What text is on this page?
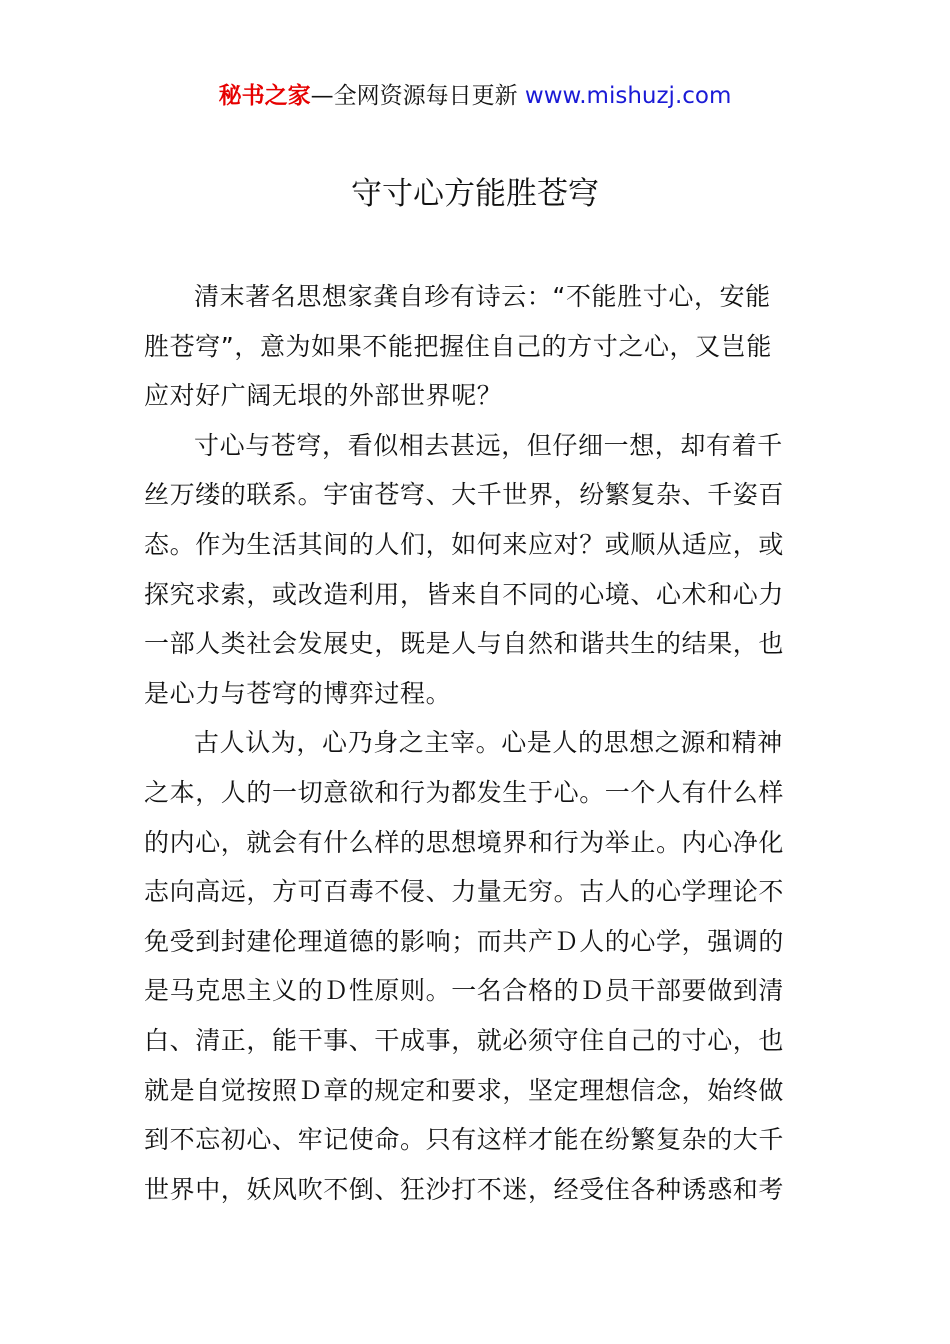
秘书之家—全网资源每日更新 www.mishuzj.com
守寸心方能胜苍穹
清末著名思想家龚自珍有诗云：“不能胜寸心，安能
胜苍穹”，意为如果不能把握住自己的方寸之心，又岂能
应对好广阔无垠的外部世界呢？
寸心与苍穹，看似相去甚远，但仔细一想，却有着千
丝万缕的联系。宇宙苍穹、大千世界，纷繁复杂、千姿百
态。作为生活其间的人们，如何来应对？或顺从适应，或
探究求索，或改造利用，皆来自不同的心境、心术和心力
一部人类社会发展史，既是人与自然和谐共生的结果，也
是心力与苍穹的博弈过程。
古人认为，心乃身之主宰。心是人的思想之源和精神
之本，人的一切意欲和行为都发生于心。一个人有什么样
的内心，就会有什么样的思想境界和行为举止。内心净化
志向高远，方可百毒不侵、力量无穷。古人的心学理论不
免受到封建伦理道德的影响；而共产Ｄ人的心学，强调的
是马克思主义的Ｄ性原则。一名合格的Ｄ员干部要做到清
白、清正，能干事、干成事，就必须守住自己的寸心，也
就是自觉按照Ｄ章的规定和要求，坚定理想信念，始终做
到不忘初心、牢记使命。只有这样才能在纷繁复杂的大千
世界中，妖风吹不倒、狂沙打不迷，经受住各种诱惑和考
